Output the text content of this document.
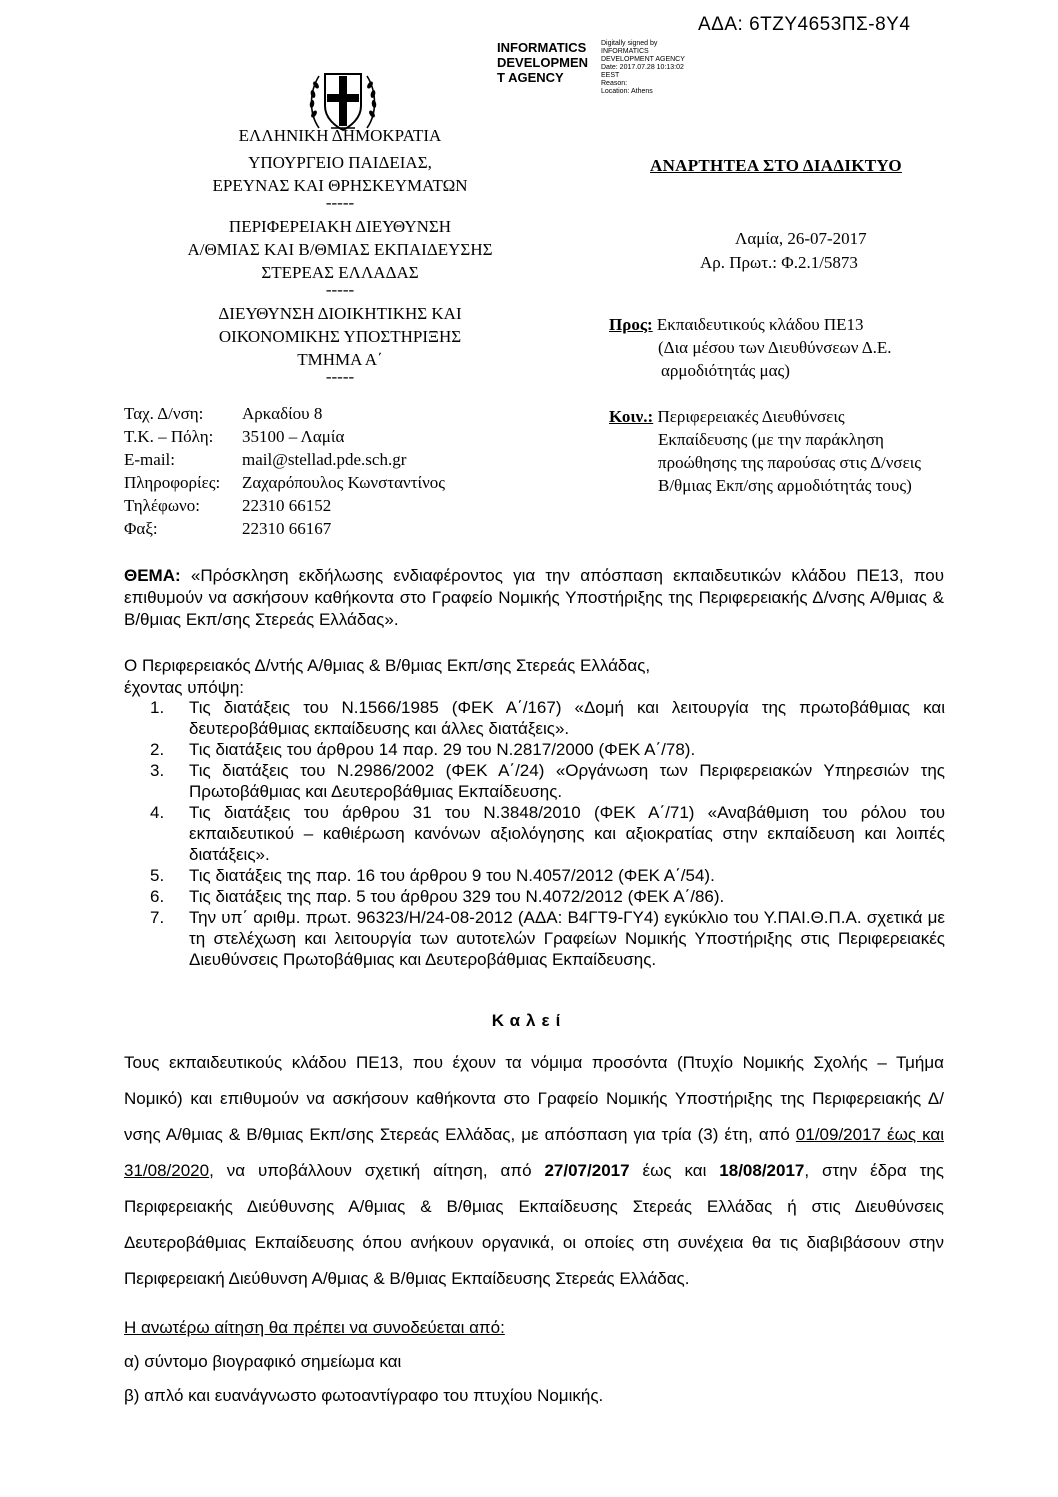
ΑΔΑ: 6ΤΖΥ4653ΠΣ-8Υ4
INFORMATICS
DEVELOPMEN
T AGENCY
Digitally signed by
INFORMATICS
DEVELOPMENT AGENCY
Date: 2017.07.28 10:13:02
EEST
Reason:
Location: Athens
ΕΛΛΗΝΙΚΗ ΔΗΜΟΚΡΑΤΙΑ
ΥΠΟΥΡΓΕΙΟ ΠΑΙΔΕΙΑΣ,
ΕΡΕΥΝΑΣ ΚΑΙ ΘΡΗΣΚΕΥΜΑΤΩΝ
-----
ΠΕΡΙΦΕΡΕΙΑΚΗ ΔΙΕΥΘΥΝΣΗ
Α/ΘΜΙΑΣ ΚΑΙ Β/ΘΜΙΑΣ ΕΚΠΑΙΔΕΥΣΗΣ
ΣΤΕΡΕΑΣ ΕΛΛΑΔΑΣ
-----
ΔΙΕΥΘΥΝΣΗ ΔΙΟΙΚΗΤΙΚΗΣ ΚΑΙ
ΟΙΚΟΝΟΜΙΚΗΣ ΥΠΟΣΤΗΡΙΞΗΣ
ΤΜΗΜΑ Α΄
-----
ΑΝΑΡΤΗΤΕΑ ΣΤΟ ΔΙΑΔΙΚΤΥΟ
Λαμία, 26-07-2017
Αρ. Πρωτ.: Φ.2.1/5873
Προς: Εκπαιδευτικούς κλάδου ΠΕ13
(Δια μέσου των Διευθύνσεων Δ.Ε.
αρμοδιότητάς μας)
Κοιν.: Περιφερειακές Διευθύνσεις
Εκπαίδευσης (με την παράκληση
προώθησης της παρούσας στις Δ/νσεις
Β/θμιας Εκπ/σης αρμοδιότητάς τους)
Ταχ. Δ/νση:	Αρκαδίου 8
Τ.Κ. – Πόλη:	35100 – Λαμία
E-mail:	mail@stellad.pde.sch.gr
Πληροφορίες:	Ζαχαρόπουλος Κωνσταντίνος
Τηλέφωνο:	22310 66152
Φαξ:	22310 66167
ΘΕΜΑ: «Πρόσκληση εκδήλωσης ενδιαφέροντος για την απόσπαση εκπαιδευτικών κλάδου ΠΕ13, που επιθυμούν να ασκήσουν καθήκοντα στο Γραφείο Νομικής Υποστήριξης της Περιφερειακής Δ/νσης Α/θμιας & Β/θμιας Εκπ/σης Στερεάς Ελλάδας».
Ο Περιφερειακός Δ/ντής Α/θμιας & Β/θμιας Εκπ/σης Στερεάς Ελλάδας,
έχοντας υπόψη:
1. Τις διατάξεις του Ν.1566/1985 (ΦΕΚ Α΄/167) «Δομή και λειτουργία της πρωτοβάθμιας και δευτεροβάθμιας εκπαίδευσης και άλλες διατάξεις».
2. Τις διατάξεις του άρθρου 14 παρ. 29 του Ν.2817/2000 (ΦΕΚ Α΄/78).
3. Τις διατάξεις του Ν.2986/2002 (ΦΕΚ Α΄/24) «Οργάνωση των Περιφερειακών Υπηρεσιών της Πρωτοβάθμιας και Δευτεροβάθμιας Εκπαίδευσης.
4. Τις διατάξεις του άρθρου 31 του Ν.3848/2010 (ΦΕΚ Α΄/71) «Αναβάθμιση του ρόλου του εκπαιδευτικού – καθιέρωση κανόνων αξιολόγησης και αξιοκρατίας στην εκπαίδευση και λοιπές διατάξεις».
5. Τις διατάξεις της παρ. 16 του άρθρου 9 του Ν.4057/2012 (ΦΕΚ Α΄/54).
6. Τις διατάξεις της παρ. 5 του άρθρου 329 του Ν.4072/2012 (ΦΕΚ Α΄/86).
7. Την υπ΄ αριθμ. πρωτ. 96323/Η/24-08-2012 (ΑΔΑ: Β4ΓΤ9-ΓΥ4) εγκύκλιο του Υ.ΠΑΙ.Θ.Π.Α. σχετικά με τη στελέχωση και λειτουργία των αυτοτελών Γραφείων Νομικής Υποστήριξης στις Περιφερειακές Διευθύνσεις Πρωτοβάθμιας και Δευτεροβάθμιας Εκπαίδευσης.
Καλεί
Τους εκπαιδευτικούς κλάδου ΠΕ13, που έχουν τα νόμιμα προσόντα (Πτυχίο Νομικής Σχολής – Τμήμα Νομικό) και επιθυμούν να ασκήσουν καθήκοντα στο Γραφείο Νομικής Υποστήριξης της Περιφερειακής Δ/νσης Α/θμιας & Β/θμιας Εκπ/σης Στερεάς Ελλάδας, με απόσπαση για τρία (3) έτη, από 01/09/2017 έως και 31/08/2020, να υποβάλλουν σχετική αίτηση, από 27/07/2017 έως και 18/08/2017, στην έδρα της Περιφερειακής Διεύθυνσης Α/θμιας & Β/θμιας Εκπαίδευσης Στερεάς Ελλάδας ή στις Διευθύνσεις Δευτεροβάθμιας Εκπαίδευσης όπου ανήκουν οργανικά, οι οποίες στη συνέχεια θα τις διαβιβάσουν στην Περιφερειακή Διεύθυνση Α/θμιας & Β/θμιας Εκπαίδευσης Στερεάς Ελλάδας.
Η ανωτέρω αίτηση θα πρέπει να συνοδεύεται από:
α) σύντομο βιογραφικό σημείωμα και
β) απλό και ευανάγνωστο φωτοαντίγραφο του πτυχίου Νομικής.
